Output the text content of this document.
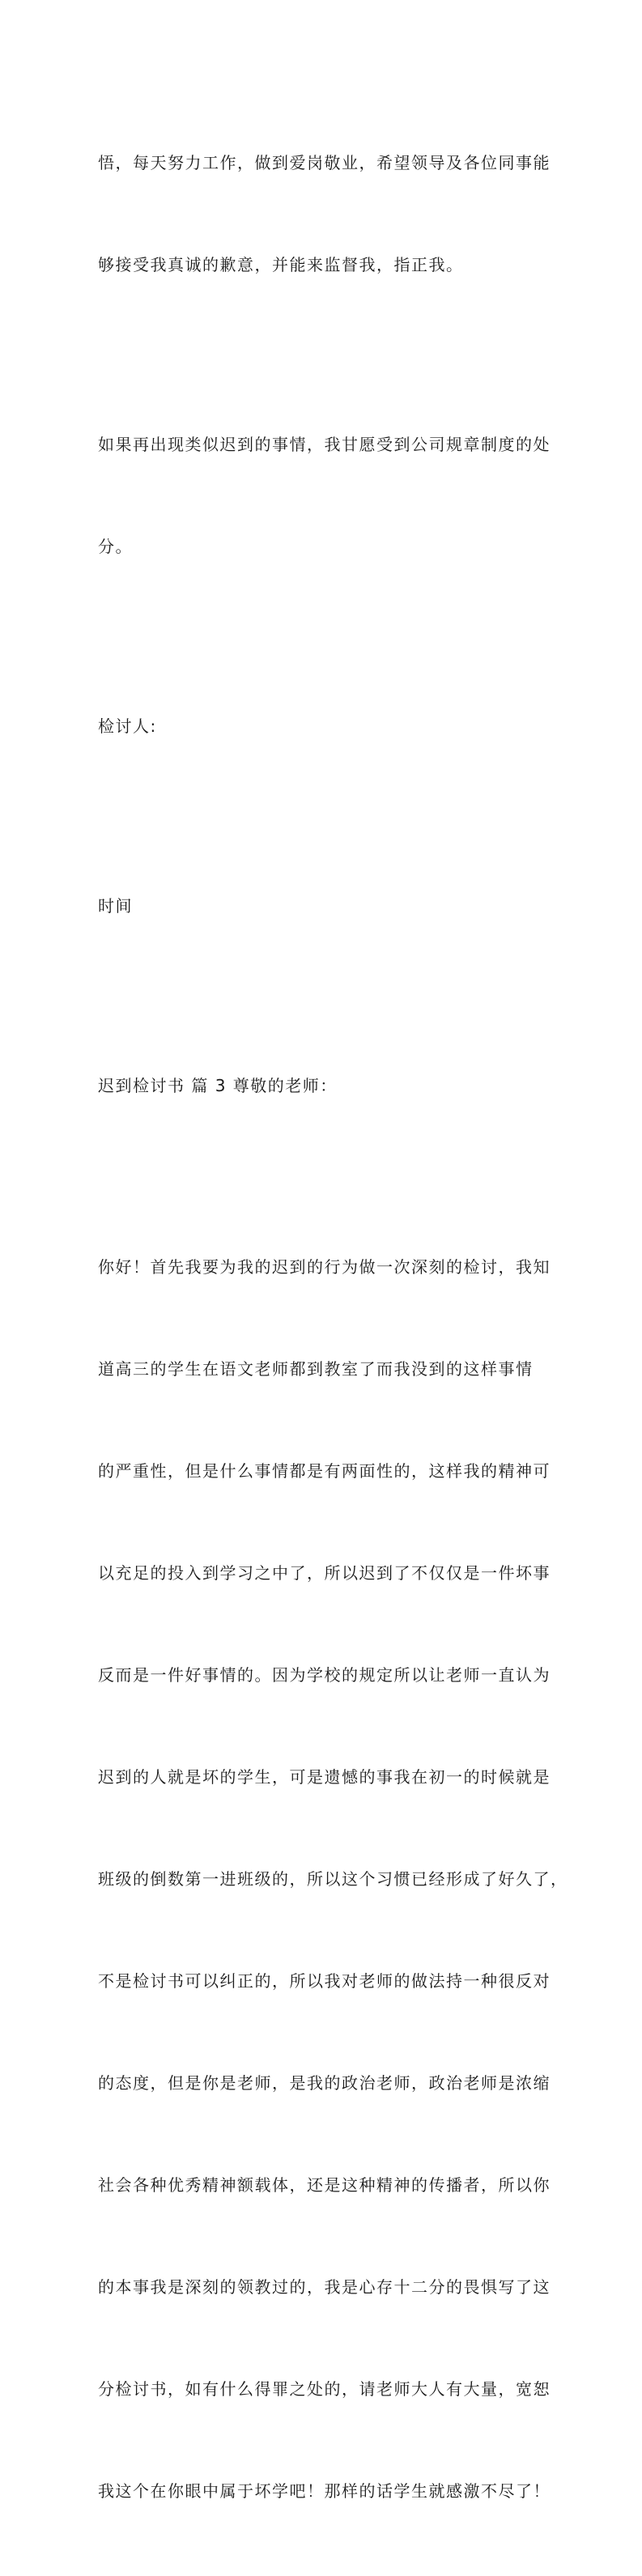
悟，每天努力工作，做到爱岗敬业，希望领导及各位同事能

够接受我真诚的歉意，并能来监督我，指正我。

如果再出现类似迟到的事情，我甘愿受到公司规章制度的处

分。

检讨人:

时间

迟到检讨书 篇 3 尊敬的老师：

你好！首先我要为我的迟到的行为做一次深刻的检讨，我知

道高三的学生在语文老师都到教室了而我没到的这样事情

的严重性，但是什么事情都是有两面性的，这样我的精神可

以充足的投入到学习之中了，所以迟到了不仅仅是一件坏事

反而是一件好事情的。因为学校的规定所以让老师一直认为

迟到的人就是坏的学生，可是遗憾的事我在初一的时候就是

班级的倒数第一进班级的，所以这个习惯已经形成了好久了，

不是检讨书可以纠正的，所以我对老师的做法持一种很反对

的态度，但是你是老师，是我的政治老师，政治老师是浓缩

社会各种优秀精神额载体，还是这种精神的传播者，所以你

的本事我是深刻的领教过的，我是心存十二分的畏惧写了这

分检讨书，如有什么得罪之处的，请老师大人有大量，宽恕

我这个在你眼中属于坏学吧！那样的话学生就感激不尽了！
